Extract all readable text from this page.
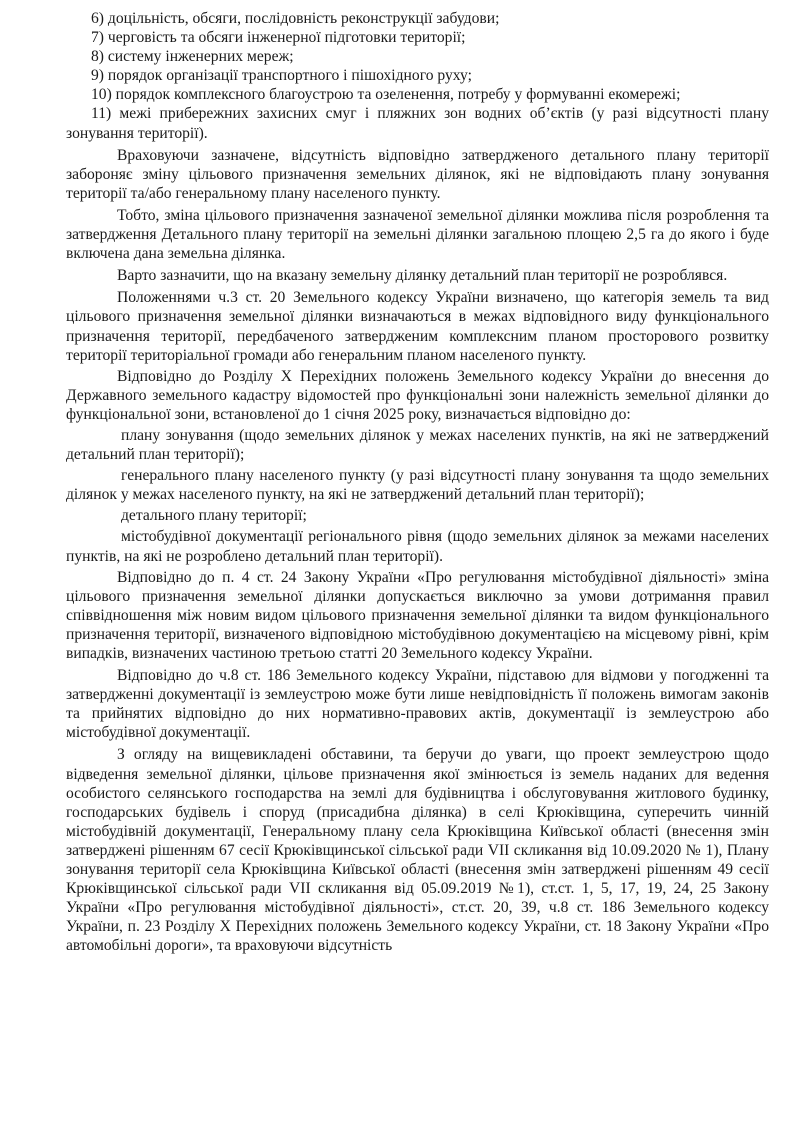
6) доцільність, обсяги, послідовність реконструкції забудови;

7) черговість та обсяги інженерної підготовки території;

8) систему інженерних мереж;

9) порядок організації транспортного і пішохідного руху;

10) порядок комплексного благоустрою та озеленення, потребу у формуванні екомережі;

11) межі прибережних захисних смуг і пляжних зон водних об’єктів (у разі відсутності плану зонування території).

Враховуючи зазначене, відсутність відповідно затвердженого детального плану території забороняє зміну цільового призначення земельних ділянок, які не відповідають плану зонування території та/або генеральному плану населеного пункту.

Тобто, зміна цільового призначення зазначеної земельної ділянки можлива після розроблення та затвердження Детального плану території на земельні ділянки загальною площею 2,5 га до якого і буде включена дана земельна ділянка.

Варто зазначити, що на вказану земельну ділянку детальний план території не розроблявся.

Положеннями ч.3 ст. 20 Земельного кодексу України визначено, що категорія земель та вид цільового призначення земельної ділянки визначаються в межах відповідного виду функціонального призначення території, передбаченого затвердженим комплексним планом просторового розвитку території територіальної громади або генеральним планом населеного пункту.

Відповідно до Розділу X Перехідних положень Земельного кодексу України до внесення до Державного земельного кадастру відомостей про функціональні зони належність земельної ділянки до функціональної зони, встановленої до 1 січня 2025 року, визначається відповідно до:

плану зонування (щодо земельних ділянок у межах населених пунктів, на які не затверджений детальний план території);

генерального плану населеного пункту (у разі відсутності плану зонування та щодо земельних ділянок у межах населеного пункту, на які не затверджений детальний план території);

детального плану території;

містобудівної документації регіонального рівня (щодо земельних ділянок за межами населених пунктів, на які не розроблено детальний план території).

Відповідно до п. 4 ст. 24 Закону України «Про регулювання містобудівної діяльності» зміна цільового призначення земельної ділянки допускається виключно за умови дотримання правил співвідношення між новим видом цільового призначення земельної ділянки та видом функціонального призначення території, визначеного відповідною містобудівною документацією на місцевому рівні, крім випадків, визначених частиною третьою статті 20 Земельного кодексу України.

Відповідно до ч.8 ст. 186 Земельного кодексу України, підставою для відмови у погодженні та затвердженні документації із землеустрою може бути лише невідповідність її положень вимогам законів та прийнятих відповідно до них нормативно-правових актів, документації із землеустрою або містобудівної документації.

З огляду на вищевикладені обставини, та беручи до уваги, що проект землеустрою щодо відведення земельної ділянки, цільове призначення якої змінюється із земель наданих для ведення особистого селянського господарства на землі для будівництва і обслуговування житлового будинку, господарських будівель і споруд (присадибна ділянка) в селі Крюківщина, суперечить чинній містобудівній документації, Генеральному плану села Крюківщина Київської області (внесення змін затверджені рішенням 67 сесії Крюківщинської сільської ради VII скликання від 10.09.2020 № 1), Плану зонування території села Крюківщина Київської області (внесення змін затверджені рішенням 49 сесії Крюківщинської сільської ради VII скликання від 05.09.2019 №1), ст.ст. 1, 5, 17, 19, 24, 25 Закону України «Про регулювання містобудівної діяльності», ст.ст. 20, 39, ч.8 ст. 186 Земельного кодексу України, п. 23 Розділу X Перехідних положень Земельного кодексу України, ст. 18 Закону України «Про автомобільні дороги», та враховуючи відсутність
